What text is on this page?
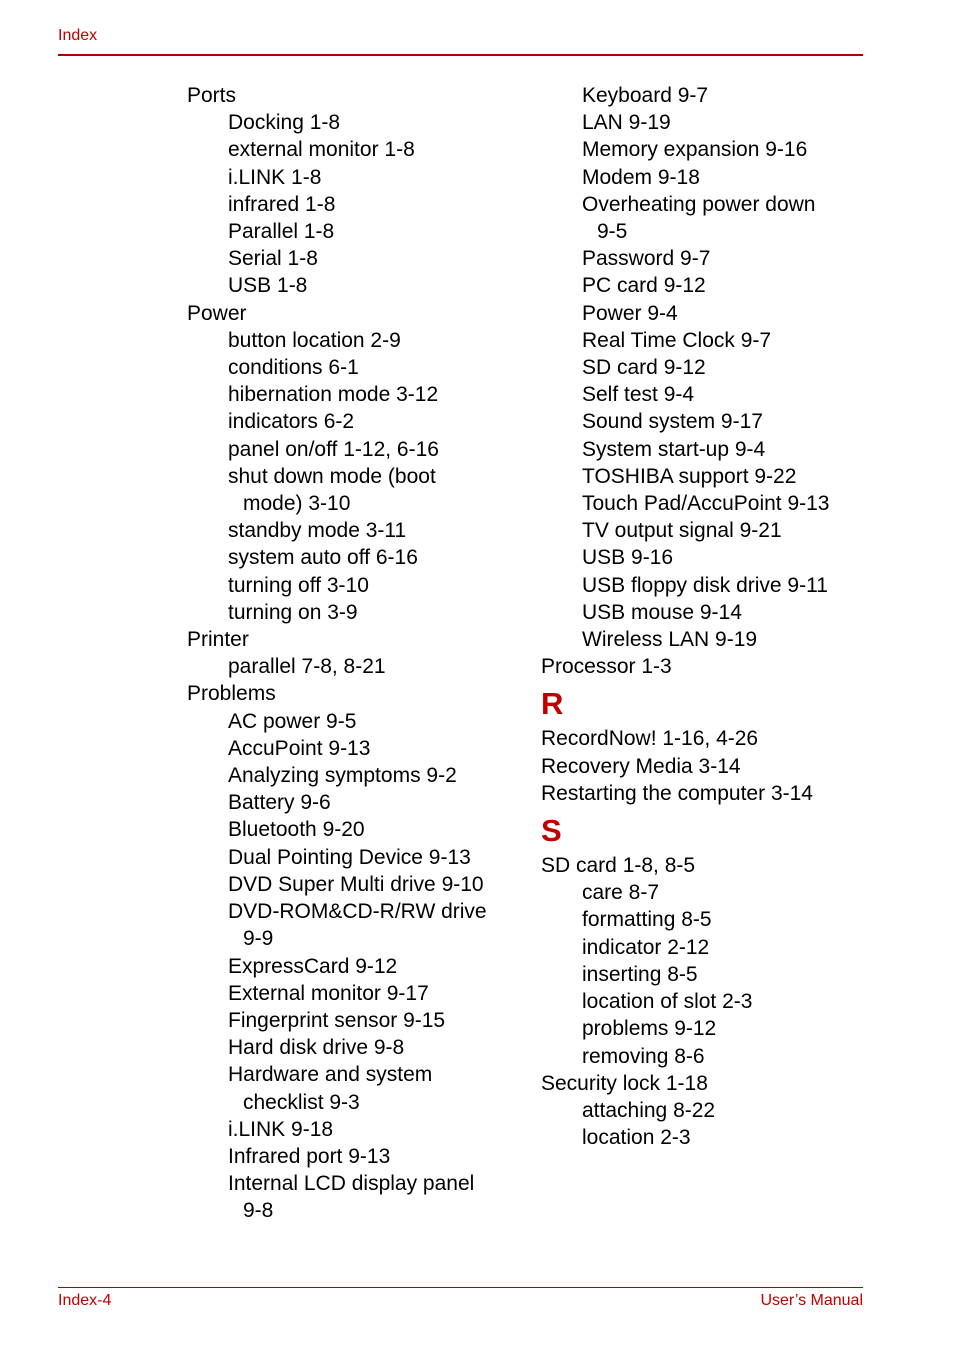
Index
Ports
Docking 1-8
external monitor 1-8
i.LINK 1-8
infrared 1-8
Parallel 1-8
Serial 1-8
USB 1-8
Power
button location 2-9
conditions 6-1
hibernation mode 3-12
indicators 6-2
panel on/off 1-12, 6-16
shut down mode (boot
mode) 3-10
standby mode 3-11
system auto off 6-16
turning off 3-10
turning on 3-9
Printer
parallel 7-8, 8-21
Problems
AC power 9-5
AccuPoint 9-13
Analyzing symptoms 9-2
Battery 9-6
Bluetooth 9-20
Dual Pointing Device 9-13
DVD Super Multi drive 9-10
DVD-ROM&CD-R/RW drive
9-9
ExpressCard 9-12
External monitor 9-17
Fingerprint sensor 9-15
Hard disk drive 9-8
Hardware and system
checklist 9-3
i.LINK 9-18
Infrared port 9-13
Internal LCD display panel
9-8
Keyboard 9-7
LAN 9-19
Memory expansion 9-16
Modem 9-18
Overheating power down
9-5
Password 9-7
PC card 9-12
Power 9-4
Real Time Clock 9-7
SD card 9-12
Self test 9-4
Sound system 9-17
System start-up 9-4
TOSHIBA support 9-22
Touch Pad/AccuPoint 9-13
TV output signal 9-21
USB 9-16
USB floppy disk drive 9-11
USB mouse 9-14
Wireless LAN 9-19
Processor 1-3
R
RecordNow! 1-16, 4-26
Recovery Media 3-14
Restarting the computer 3-14
S
SD card 1-8, 8-5
care 8-7
formatting 8-5
indicator 2-12
inserting 8-5
location of slot 2-3
problems 9-12
removing 8-6
Security lock 1-18
attaching 8-22
location 2-3
Index-4	User’s Manual
